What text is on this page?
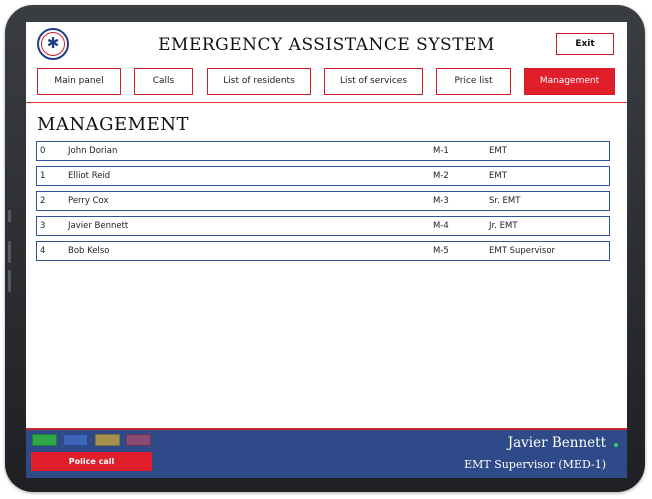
✱	EMERGENCY ASSISTANCE SYSTEM	Exit
Main panel	Calls	List of residents	List of services	Price list	Management
MANAGEMENT
0	John Dorian	M-1	EMT
1	Elliot Reid	M-2	EMT
2	Perry Cox	M-3	Sr. EMT
3	Javier Bennett	M-4	Jr. EMT
4	Bob Kelso	M-5	EMT Supervisor
Police call
Javier Bennett
EMT Supervisor (MED-1)
